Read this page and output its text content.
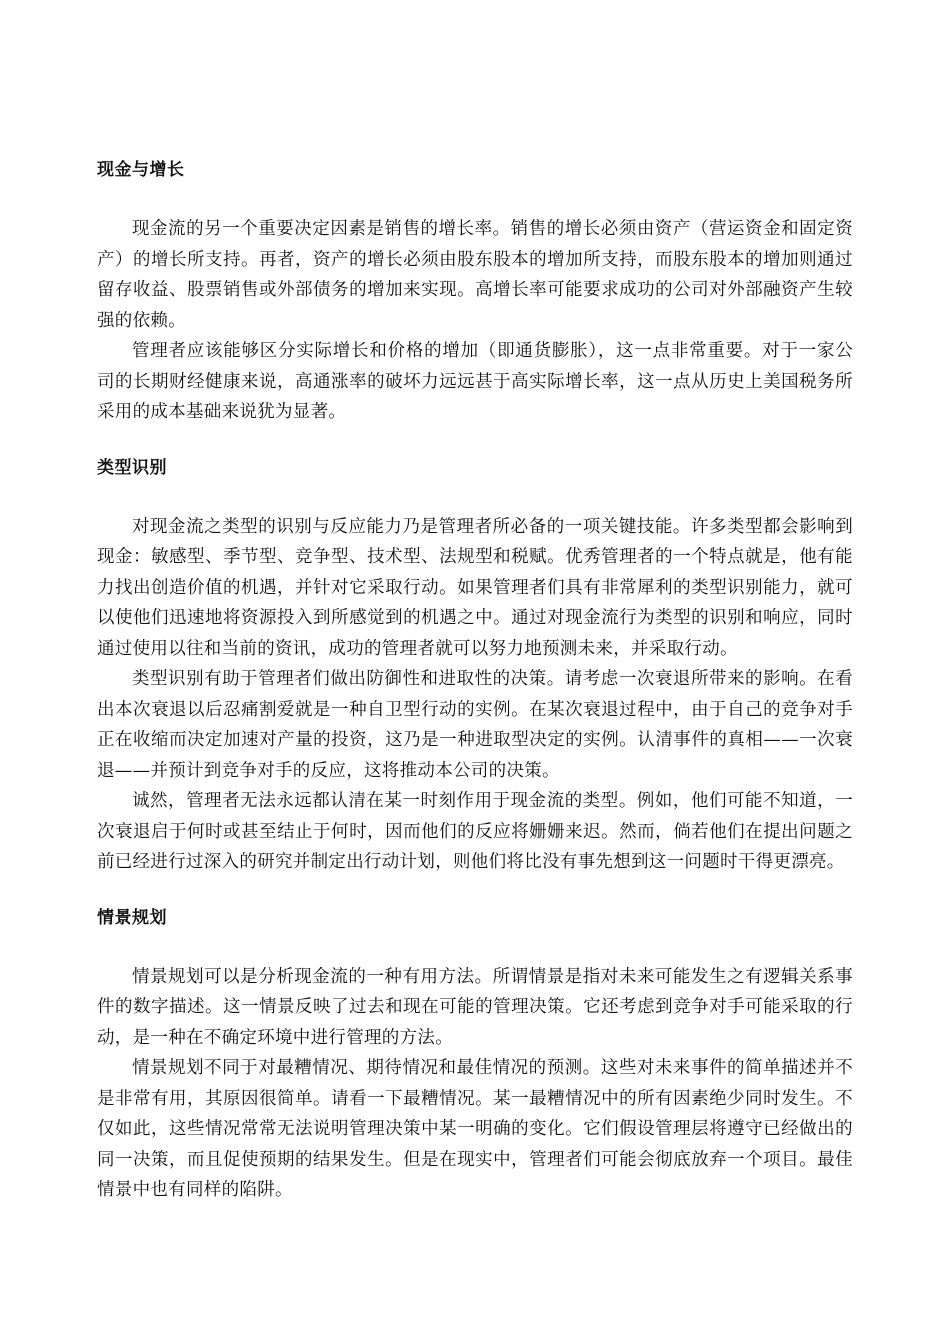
现金与增长

现金流的另一个重要决定因素是销售的增长率。销售的增长必须由资产（营运资金和固定资产）的增长所支持。再者，资产的增长必须由股东股本的增加所支持，而股东股本的增加则通过留存收益、股票销售或外部债务的增加来实现。高增长率可能要求成功的公司对外部融资产生较强的依赖。

管理者应该能够区分实际增长和价格的增加（即通货膨胀），这一点非常重要。对于一家公司的长期财经健康来说，高通涨率的破坏力远远甚于高实际增长率，这一点从历史上美国税务所采用的成本基础来说犹为显著。

类型识别

对现金流之类型的识别与反应能力乃是管理者所必备的一项关键技能。许多类型都会影响到现金：敏感型、季节型、竞争型、技术型、法规型和税赋。优秀管理者的一个特点就是，他有能力找出创造价值的机遇，并针对它采取行动。如果管理者们具有非常犀利的类型识别能力，就可以使他们迅速地将资源投入到所感觉到的机遇之中。通过对现金流行为类型的识别和响应，同时通过使用以往和当前的资讯，成功的管理者就可以努力地预测未来，并采取行动。

类型识别有助于管理者们做出防御性和进取性的决策。请考虑一次衰退所带来的影响。在看出本次衰退以后忍痛割爱就是一种自卫型行动的实例。在某次衰退过程中，由于自己的竞争对手正在收缩而决定加速对产量的投资，这乃是一种进取型决定的实例。认清事件的真相——一次衰退——并预计到竞争对手的反应，这将推动本公司的决策。

诚然，管理者无法永远都认清在某一时刻作用于现金流的类型。例如，他们可能不知道，一次衰退启于何时或甚至结止于何时，因而他们的反应将姗姗来迟。然而，倘若他们在提出问题之前已经进行过深入的研究并制定出行动计划，则他们将比没有事先想到这一问题时干得更漂亮。

情景规划

情景规划可以是分析现金流的一种有用方法。所谓情景是指对未来可能发生之有逻辑关系事件的数字描述。这一情景反映了过去和现在可能的管理决策。它还考虑到竞争对手可能采取的行动，是一种在不确定环境中进行管理的方法。

情景规划不同于对最糟情况、期待情况和最佳情况的预测。这些对未来事件的简单描述并不是非常有用，其原因很简单。请看一下最糟情况。某一最糟情况中的所有因素绝少同时发生。不仅如此，这些情况常常无法说明管理决策中某一明确的变化。它们假设管理层将遵守已经做出的同一决策，而且促使预期的结果发生。但是在现实中，管理者们可能会彻底放弃一个项目。最佳情景中也有同样的陷阱。
